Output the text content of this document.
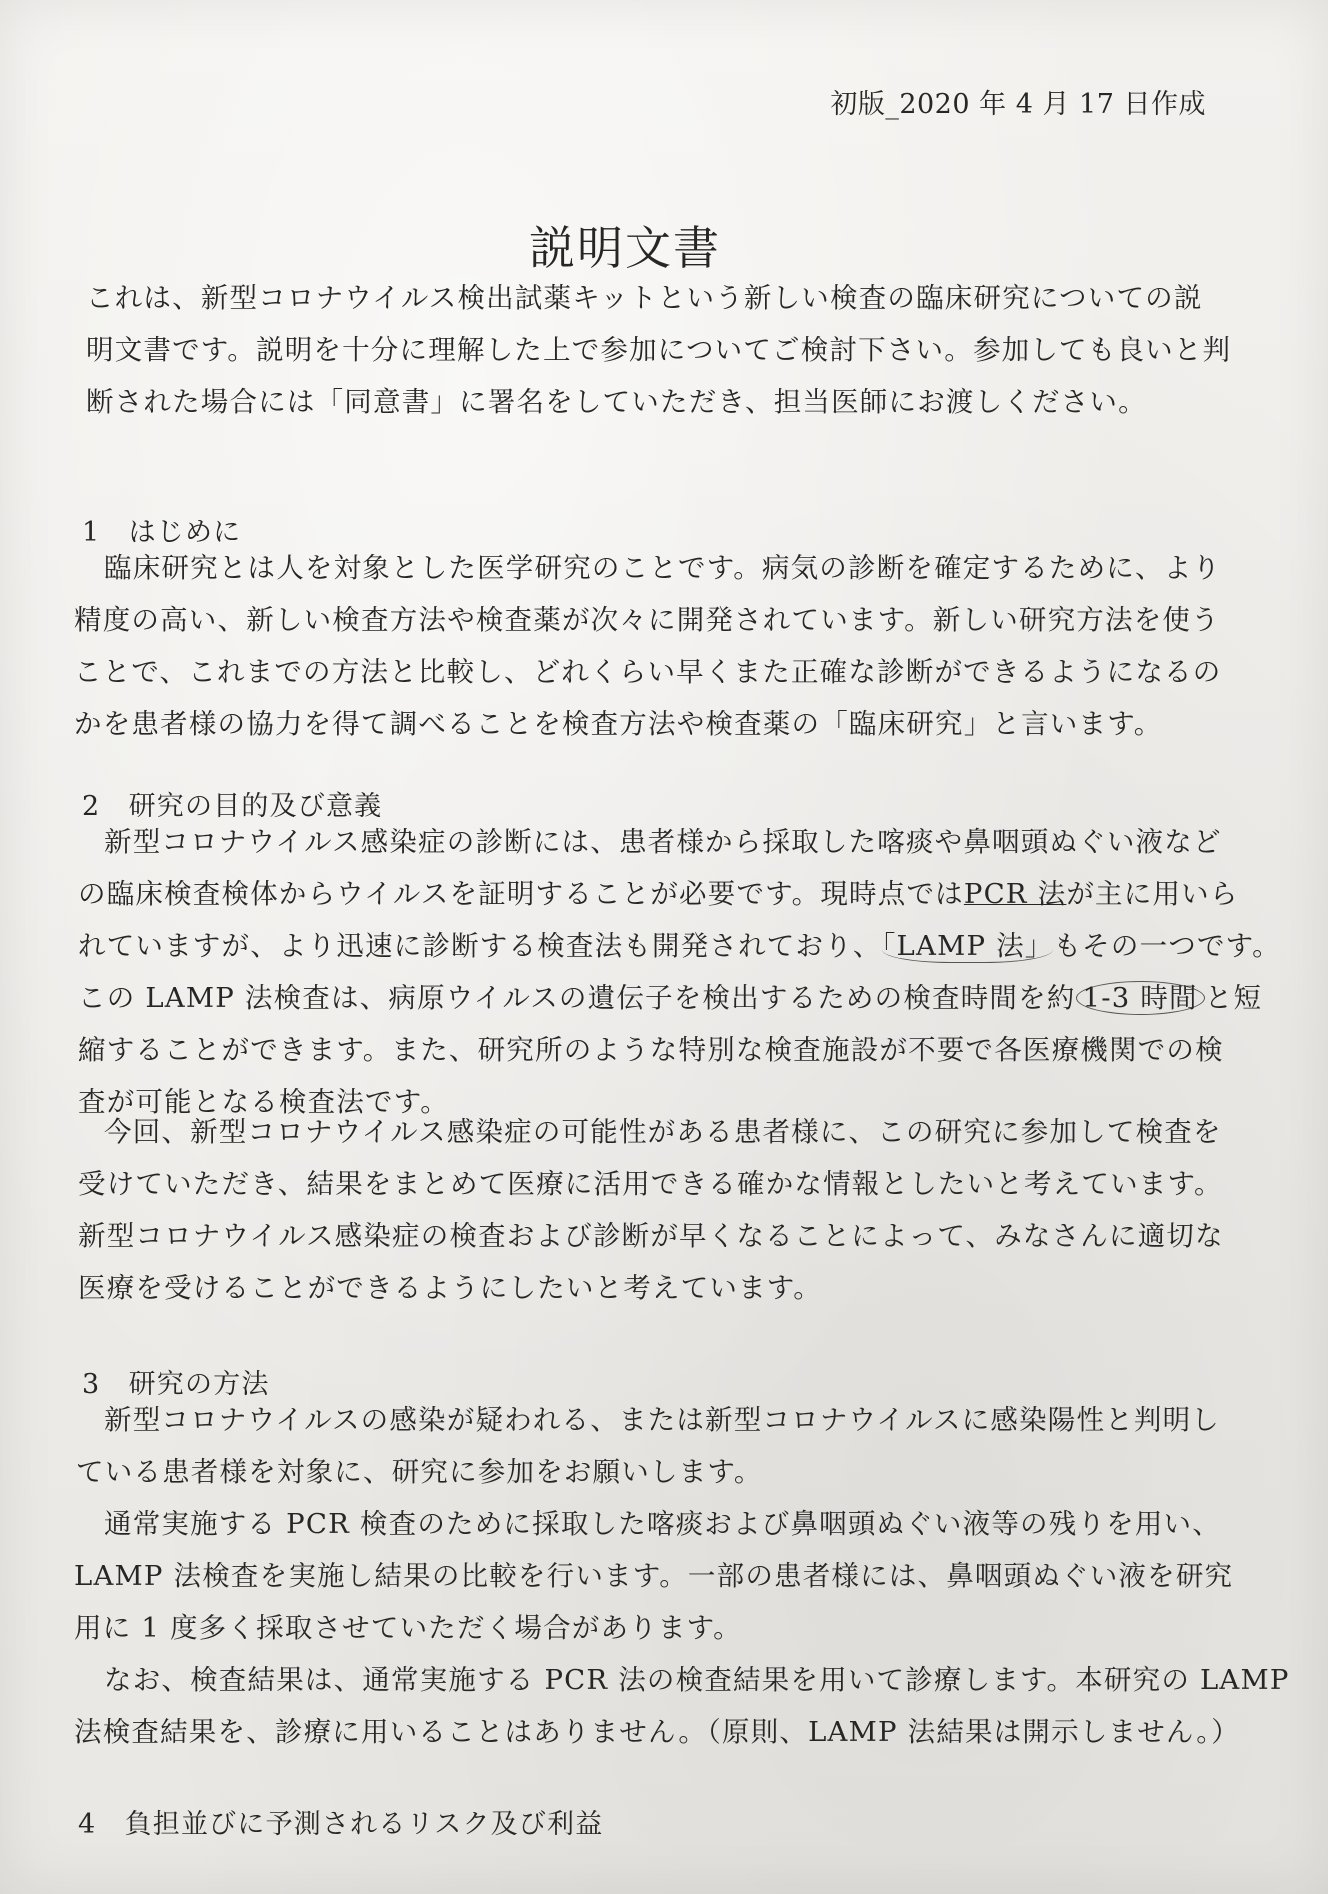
初版_2020 年 4 月 17 日作成
説明文書
これは、新型コロナウイルス検出試薬キットという新しい検査の臨床研究についての説
明文書です。説明を十分に理解した上で参加についてご検討下さい。参加しても良いと判
断された場合には「同意書」に署名をしていただき、担当医師にお渡しください。
1　はじめに
臨床研究とは人を対象とした医学研究のことです。病気の診断を確定するために、より
精度の高い、新しい検査方法や検査薬が次々に開発されています。新しい研究方法を使う
ことで、これまでの方法と比較し、どれくらい早くまた正確な診断ができるようになるの
かを患者様の協力を得て調べることを検査方法や検査薬の「臨床研究」と言います。
2　研究の目的及び意義
新型コロナウイルス感染症の診断には、患者様から採取した喀痰や鼻咽頭ぬぐい液など
の臨床検査検体からウイルスを証明することが必要です。現時点ではPCR 法が主に用いら
れていますが、より迅速に診断する検査法も開発されており、「LAMP 法」もその一つです。
この LAMP 法検査は、病原ウイルスの遺伝子を検出するための検査時間を約 1-3 時間 と短
縮することができます。また、研究所のような特別な検査施設が不要で各医療機関での検
査が可能となる検査法です。
今回、新型コロナウイルス感染症の可能性がある患者様に、この研究に参加して検査を
受けていただき、結果をまとめて医療に活用できる確かな情報としたいと考えています。
新型コロナウイルス感染症の検査および診断が早くなることによって、みなさんに適切な
医療を受けることができるようにしたいと考えています。
3　研究の方法
新型コロナウイルスの感染が疑われる、または新型コロナウイルスに感染陽性と判明し
ている患者様を対象に、研究に参加をお願いします。
通常実施する PCR 検査のために採取した喀痰および鼻咽頭ぬぐい液等の残りを用い、
LAMP 法検査を実施し結果の比較を行います。一部の患者様には、鼻咽頭ぬぐい液を研究
用に 1 度多く採取させていただく場合があります。
なお、検査結果は、通常実施する PCR 法の検査結果を用いて診療します。本研究の LAMP
法検査結果を、診療に用いることはありません。（原則、LAMP 法結果は開示しません。）
4　負担並びに予測されるリスク及び利益
